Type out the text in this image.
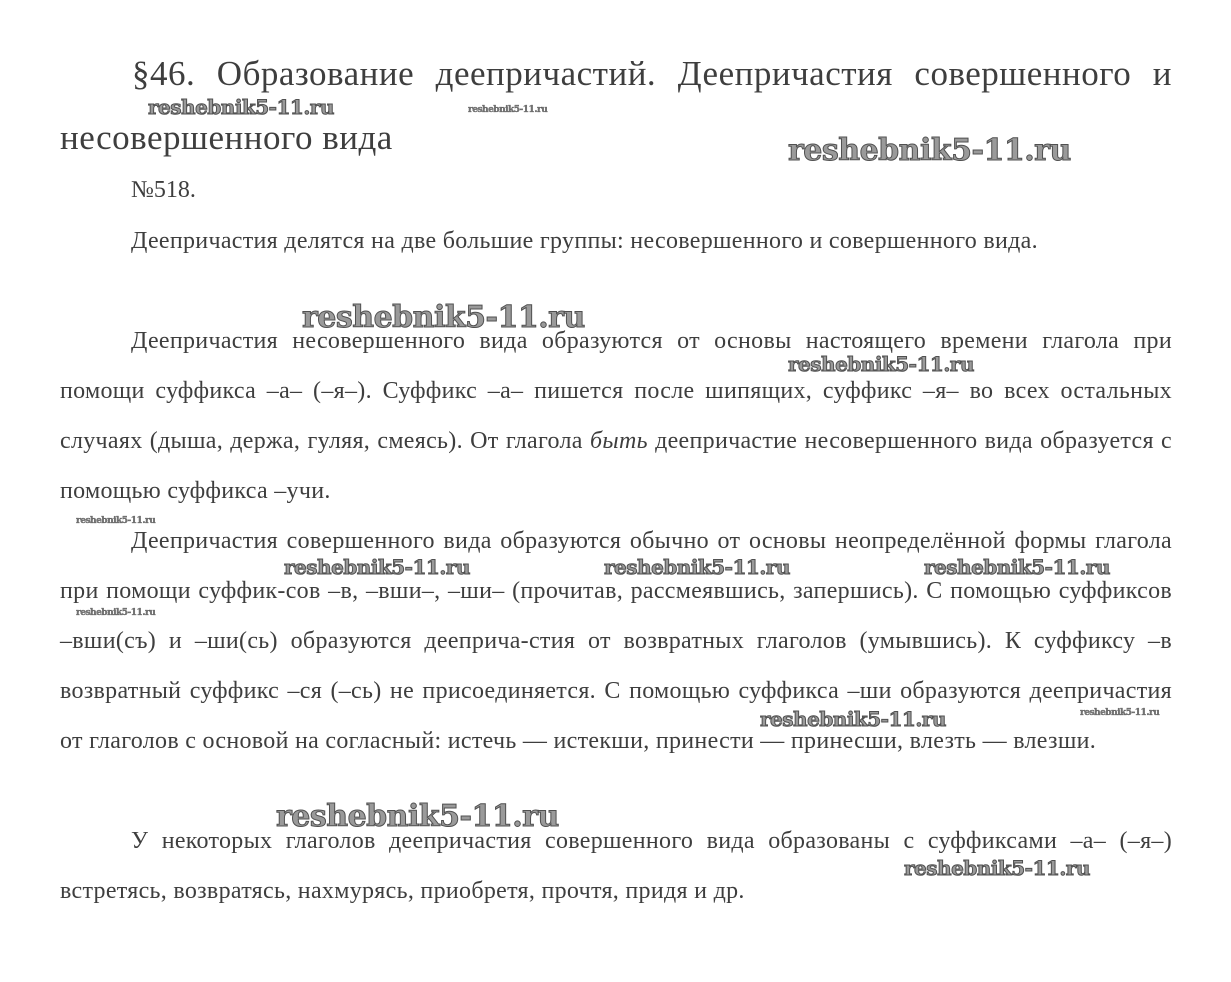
§46. Образование деепричастий. Деепричастия совершенного и несовершенного вида
№518.

Деепричастия делятся на две большие группы: несовершенного и совершенного вида.

Деепричастия несовершенного вида образуются от основы настоящего времени глагола при помощи суффикса –а– (–я–). Суффикс –а– пишется после шипящих, суффикс –я– во всех остальных случаях (дыша, держа, гуляя, смеясь). От глагола быть деепричастие несовершенного вида образуется с помощью суффикса –учи.

Деепричастия совершенного вида образуются обычно от основы неопределённой формы глагола при помощи суффик-сов –в, –вши–, –ши– (прочитав, рассмеявшись, запершись). С помощью суффиксов –вши(съ) и –ши(сь) образуются дееприча-стия от возвратных глаголов (умывшись). К суффиксу –в возвратный суффикс –ся (–сь) не присоединяется. С помощью суффикса –ши образуются деепричастия от глаголов с основой на согласный: истечь — истекши, принести — принесши, влезть — влезши.

У некоторых глаголов деепричастия совершенного вида образованы с суффиксами –а– (–я–) встретясь, возвратясь, нахмурясь, приобретя, прочтя, придя и др.

reshebnik5-11.ru	reshebnik5-11.ru
reshebnik5-11.ru
reshebnik5-11.ru
reshebnik5-11.ru
reshebnik5-11.ru
reshebnik5-11.ru	reshebnik5-11.ru	reshebnik5-11.ru
reshebnik5-11.ru
reshebnik5-11.ru	reshebnik5-11.ru
reshebnik5-11.ru
reshebnik5-11.ru
